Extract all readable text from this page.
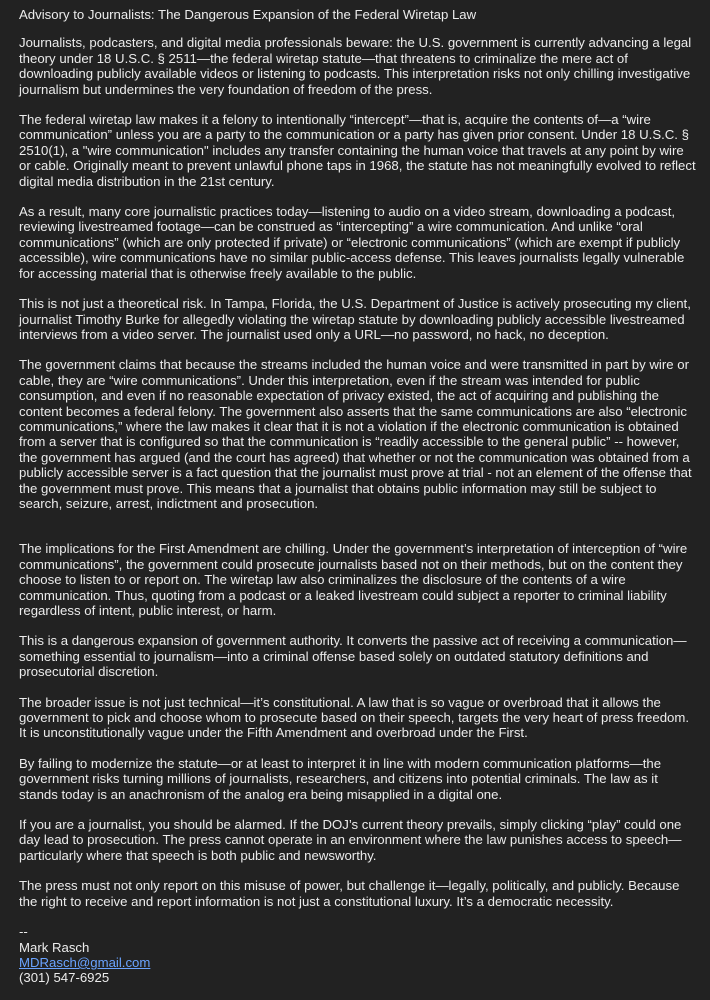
Advisory to Journalists: The Dangerous Expansion of the Federal Wiretap Law
Journalists, podcasters, and digital media professionals beware: the U.S. government is currently advancing a legal theory under 18 U.S.C. § 2511—the federal wiretap statute—that threatens to criminalize the mere act of downloading publicly available videos or listening to podcasts. This interpretation risks not only chilling investigative journalism but undermines the very foundation of freedom of the press.
The federal wiretap law makes it a felony to intentionally “intercept”—that is, acquire the contents of—a “wire communication” unless you are a party to the communication or a party has given prior consent. Under 18 U.S.C. § 2510(1), a "wire communication" includes any transfer containing the human voice that travels at any point by wire or cable. Originally meant to prevent unlawful phone taps in 1968, the statute has not meaningfully evolved to reflect digital media distribution in the 21st century.
As a result, many core journalistic practices today—listening to audio on a video stream, downloading a podcast, reviewing livestreamed footage—can be construed as “intercepting” a wire communication. And unlike “oral communications” (which are only protected if private) or “electronic communications” (which are exempt if publicly accessible), wire communications have no similar public-access defense. This leaves journalists legally vulnerable for accessing material that is otherwise freely available to the public.
This is not just a theoretical risk. In Tampa, Florida, the U.S. Department of Justice is actively prosecuting my client, journalist Timothy Burke for allegedly violating the wiretap statute by downloading publicly accessible livestreamed interviews from a video server. The journalist used only a URL—no password, no hack, no deception.
The government claims that because the streams included the human voice and were transmitted in part by wire or cable, they are “wire communications”. Under this interpretation, even if the stream was intended for public consumption, and even if no reasonable expectation of privacy existed, the act of acquiring and publishing the content becomes a federal felony. The government also asserts that the same communications are also “electronic communications,” where the law makes it clear that it is not a violation if the electronic communication is obtained from a server that is configured so that the communication is “readily accessible to the general public” -- however, the government has argued (and the court has agreed) that whether or not the communication was obtained from a publicly accessible server is a fact question that the journalist must prove at trial - not an element of the offense that the government must prove. This means that a journalist that obtains public information may still be subject to search, seizure, arrest, indictment and prosecution.
The implications for the First Amendment are chilling. Under the government’s interpretation of interception of “wire communications”, the government could prosecute journalists based not on their methods, but on the content they choose to listen to or report on. The wiretap law also criminalizes the disclosure of the contents of a wire communication. Thus, quoting from a podcast or a leaked livestream could subject a reporter to criminal liability regardless of intent, public interest, or harm.
This is a dangerous expansion of government authority. It converts the passive act of receiving a communication—something essential to journalism—into a criminal offense based solely on outdated statutory definitions and prosecutorial discretion.
The broader issue is not just technical—it’s constitutional. A law that is so vague or overbroad that it allows the government to pick and choose whom to prosecute based on their speech, targets the very heart of press freedom. It is unconstitutionally vague under the Fifth Amendment and overbroad under the First.
By failing to modernize the statute—or at least to interpret it in line with modern communication platforms—the government risks turning millions of journalists, researchers, and citizens into potential criminals. The law as it stands today is an anachronism of the analog era being misapplied in a digital one.
If you are a journalist, you should be alarmed. If the DOJ’s current theory prevails, simply clicking “play” could one day lead to prosecution. The press cannot operate in an environment where the law punishes access to speech—particularly where that speech is both public and newsworthy.
The press must not only report on this misuse of power, but challenge it—legally, politically, and publicly. Because the right to receive and report information is not just a constitutional luxury. It’s a democratic necessity.
--
Mark Rasch
MDRasch@gmail.com
(301) 547-6925
